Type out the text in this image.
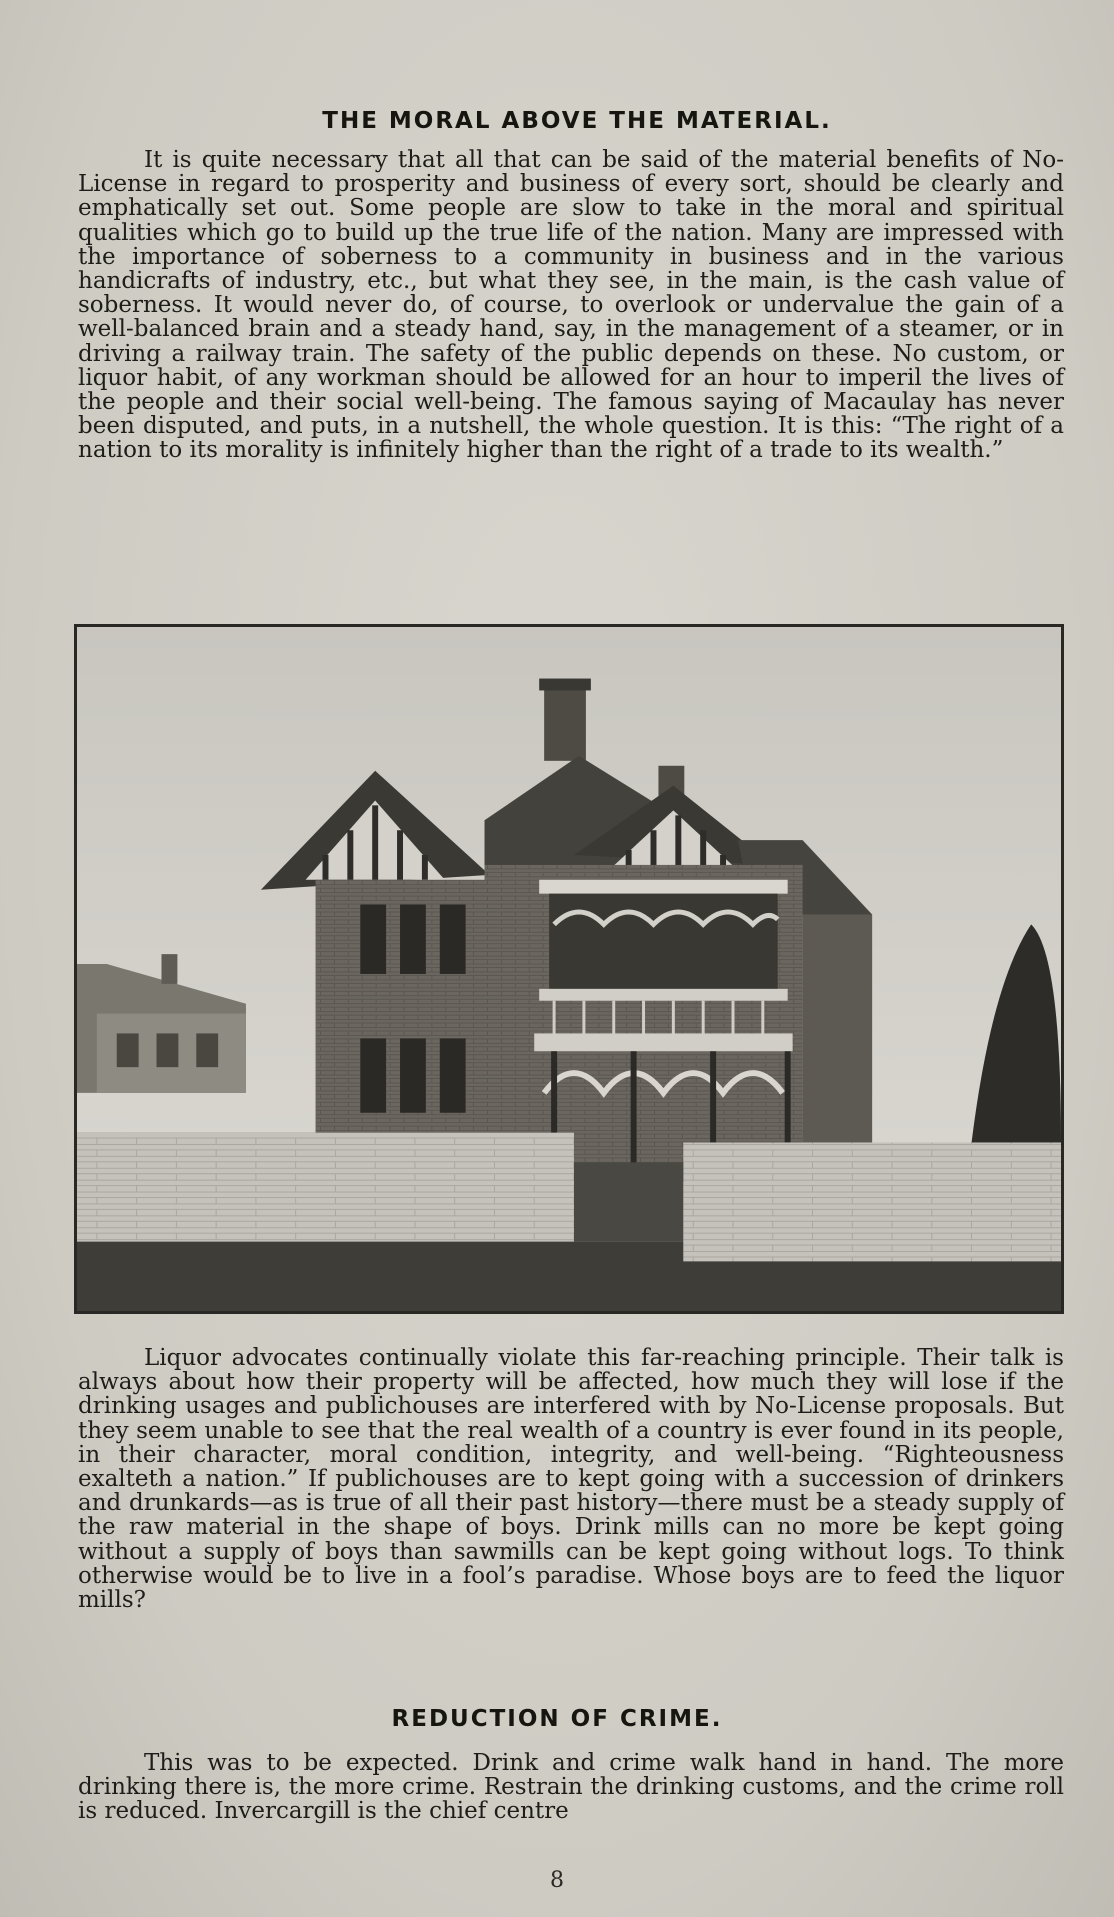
THE MORAL ABOVE THE MATERIAL.

It is quite necessary that all that can be said of the material benefits of No-License in regard to prosperity and business of every sort, should be clearly and emphatically set out. Some people are slow to take in the moral and spiritual qualities which go to build up the true life of the nation. Many are impressed with the importance of soberness to a community in business and in the various handicrafts of industry, etc., but what they see, in the main, is the cash value of soberness. It would never do, of course, to overlook or undervalue the gain of a well-balanced brain and a steady hand, say, in the management of a steamer, or in driving a railway train. The safety of the public depends on these. No custom, or liquor habit, of any workman should be allowed for an hour to imperil the lives of the people and their social well-being. The famous saying of Macaulay has never been disputed, and puts, in a nutshell, the whole question. It is this: “The right of a nation to its morality is infinitely higher than the right of a trade to its wealth.”

Liquor advocates continually violate this far-reaching principle. Their talk is always about how their property will be affected, how much they will lose if the drinking usages and publichouses are interfered with by No-License proposals. But they seem unable to see that the real wealth of a country is ever found in its people, in their character, moral condition, integrity, and well-being. “Righteousness exalteth a nation.” If publichouses are to kept going with a succession of drinkers and drunkards—as is true of all their past history—there must be a steady supply of the raw material in the shape of boys. Drink mills can no more be kept going without a supply of boys than sawmills can be kept going without logs. To think otherwise would be to live in a fool’s paradise. Whose boys are to feed the liquor mills?

REDUCTION OF CRIME.

This was to be expected. Drink and crime walk hand in hand. The more drinking there is, the more crime. Restrain the drinking customs, and the crime roll is reduced. Invercargill is the chief centre

8
